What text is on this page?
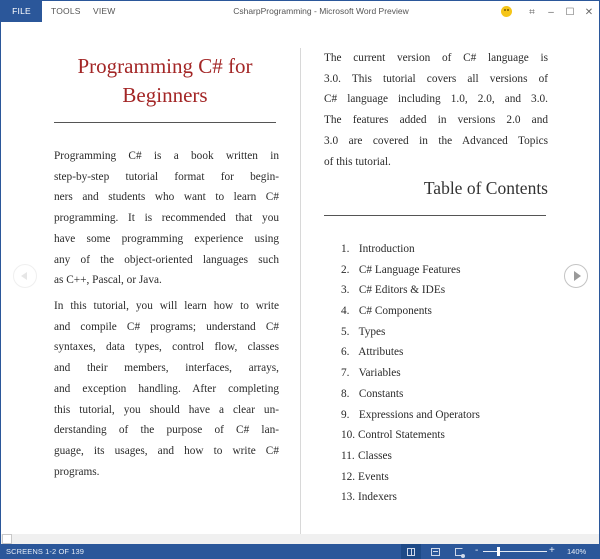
FILE	TOOLS VIEW	CsharpProgramming - Microsoft Word Preview	⌗	–	☐	✕
Programming C# for
Beginners
Programming C# is a book written in
step-by-step tutorial format for begin-
ners and students who want to learn C#
programming. It is recommended that you
have some programming experience using
any of the object-oriented languages such
as C++, Pascal, or Java.
In this tutorial, you will learn how to write
and compile C# programs; understand C#
syntaxes, data types, control flow, classes
and their members, interfaces, arrays,
and exception handling. After completing
this tutorial, you should have a clear un-
derstanding of the purpose of C# lan-
guage, its usages, and how to write C#
programs.
The current version of C# language is
3.0. This tutorial covers all versions of
C# language including 1.0, 2.0, and 3.0.
The features added in versions 2.0 and
3.0 are covered in the Advanced Topics
of this tutorial.
Table of Contents
1. Introduction
2. C# Language Features
3. C# Editors & IDEs
4. C# Components
5. Types
6. Attributes
7. Variables
8. Constants
9. Expressions and Operators
10. Control Statements
11. Classes
12. Events
13. Indexers
SCREENS 1-2 OF 139	-	+ 140%
